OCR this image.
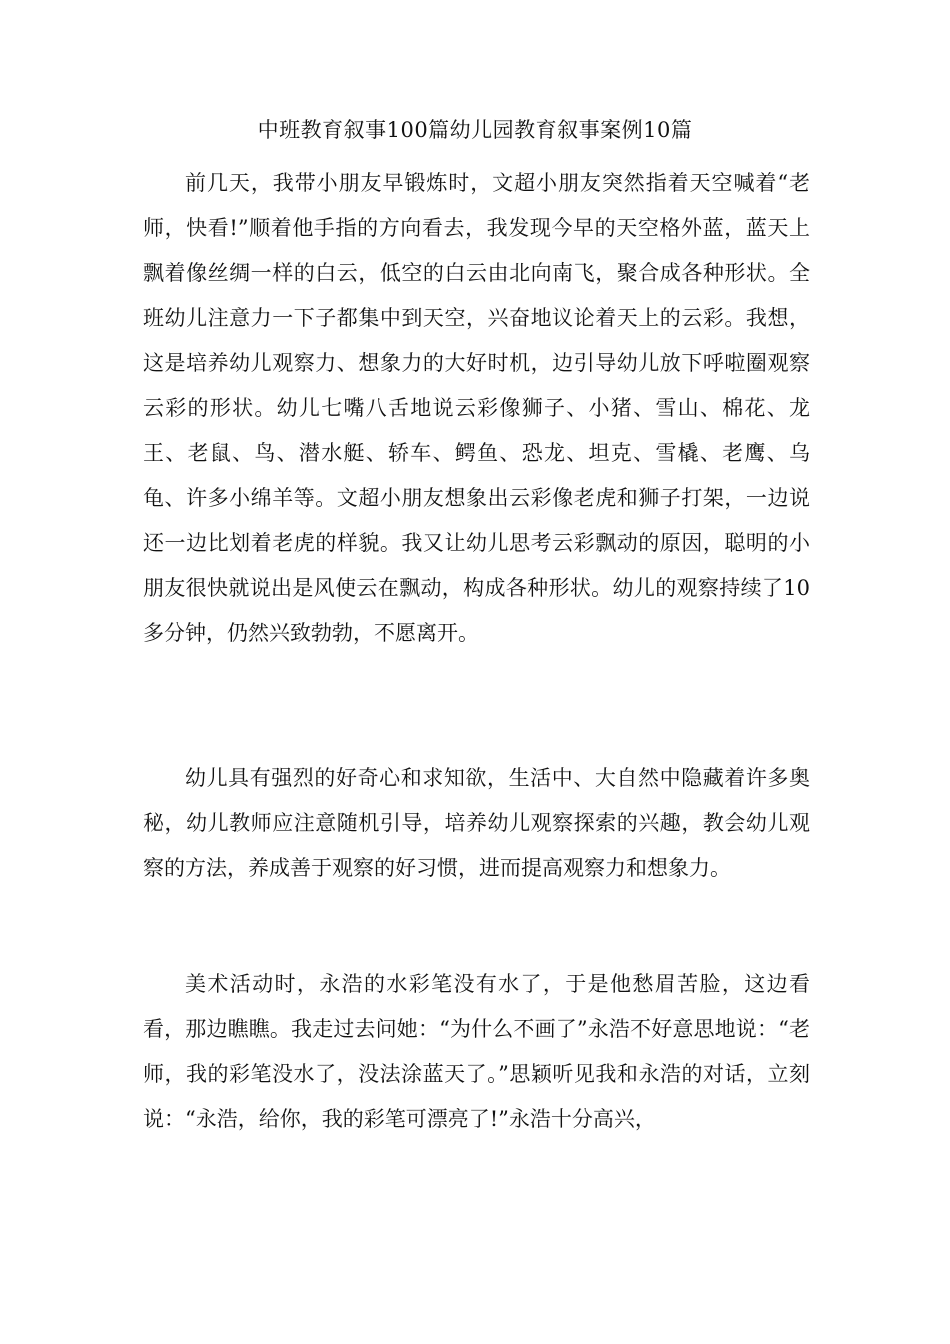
中班教育叙事100篇幼儿园教育叙事案例10篇

前几天，我带小朋友早锻炼时，文超小朋友突然指着天空喊着“老师，快看!”顺着他手指的方向看去，我发现今早的天空格外蓝，蓝天上飘着像丝绸一样的白云，低空的白云由北向南飞，聚合成各种形状。全班幼儿注意力一下子都集中到天空，兴奋地议论着天上的云彩。我想，这是培养幼儿观察力、想象力的大好时机，边引导幼儿放下呼啦圈观察云彩的形状。幼儿七嘴八舌地说云彩像狮子、小猪、雪山、棉花、龙王、老鼠、鸟、潜水艇、轿车、鳄鱼、恐龙、坦克、雪橇、老鹰、乌龟、许多小绵羊等。文超小朋友想象出云彩像老虎和狮子打架，一边说还一边比划着老虎的样貌。我又让幼儿思考云彩飘动的原因，聪明的小朋友很快就说出是风使云在飘动，构成各种形状。幼儿的观察持续了10多分钟，仍然兴致勃勃，不愿离开。

幼儿具有强烈的好奇心和求知欲，生活中、大自然中隐藏着许多奥秘，幼儿教师应注意随机引导，培养幼儿观察探索的兴趣，教会幼儿观察的方法，养成善于观察的好习惯，进而提高观察力和想象力。

美术活动时，永浩的水彩笔没有水了，于是他愁眉苦脸，这边看看，那边瞧瞧。我走过去问她：“为什么不画了”永浩不好意思地说：“老师，我的彩笔没水了，没法涂蓝天了。”思颖听见我和永浩的对话，立刻说：“永浩，给你，我的彩笔可漂亮了!”永浩十分高兴，
